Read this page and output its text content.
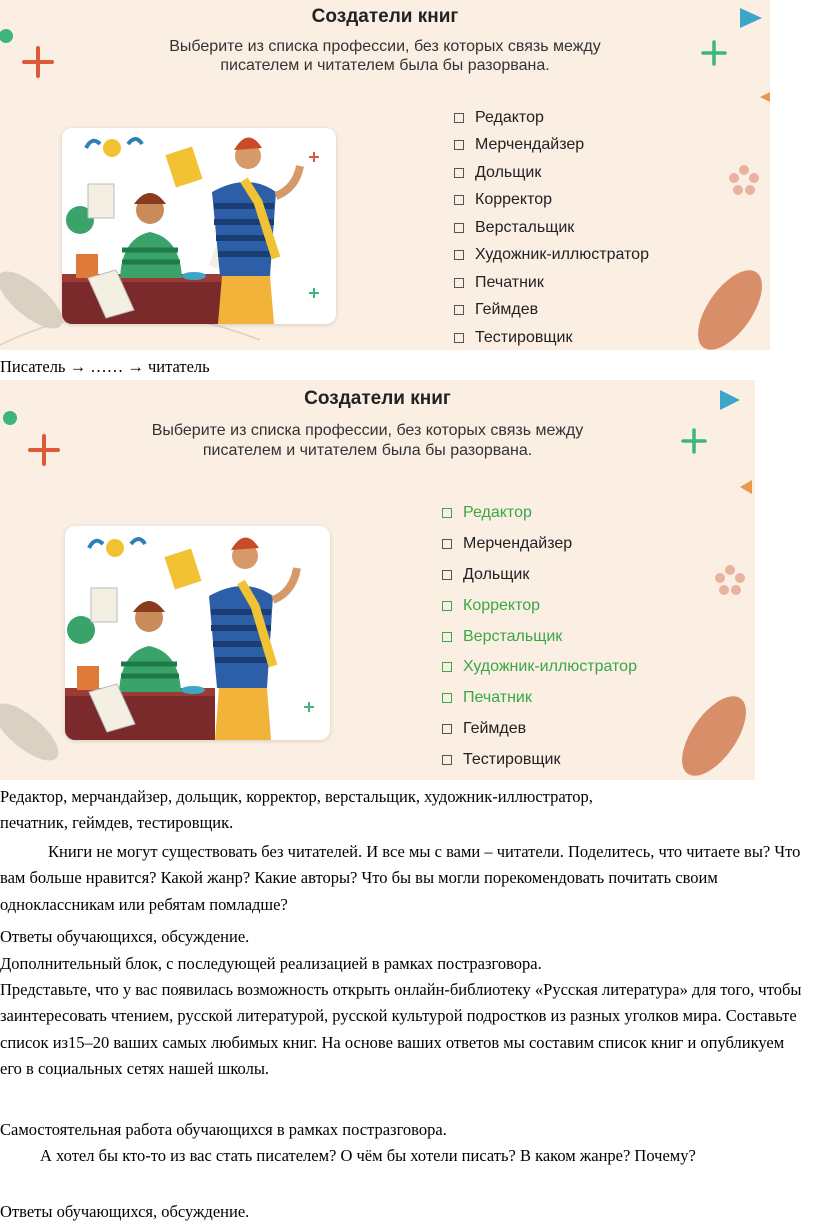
Создатели книг
Выберите из списка профессии, без которых связь между
писателем и читателем была бы разорвана.
Редактор
Мерчендайзер
Дольщик
Корректор
Верстальщик
Художник-иллюстратор
Печатник
Геймдев
Тестировщик
Писатель → …… → читатель
Создатели книг
Выберите из списка профессии, без которых связь между
писателем и читателем была бы разорвана.
Редактор
Мерчендайзер
Дольщик
Корректор
Верстальщик
Художник-иллюстратор
Печатник
Геймдев
Тестировщик
Редактор, мерчандайзер, дольщик, корректор, верстальщик, художник-иллюстратор,
печатник, геймдев, тестировщик.

Книги не могут существовать без читателей. И все мы с вами – читатели. Поделитесь, что читаете вы? Что вам больше нравится? Какой жанр? Какие авторы? Что бы вы могли порекомендовать почитать своим одноклассникам или ребятам помладше?

Ответы обучающихся, обсуждение.

Дополнительный блок, с последующей реализацией в рамках постразговора.

Представьте, что у вас появилась возможность открыть онлайн-библиотеку «Русская литература» для того, чтобы заинтересовать чтением, русской литературой, русской культурой подростков из разных уголков мира. Составьте список из15–20 ваших самых любимых книг. На основе ваших ответов мы составим список книг и опубликуем его в социальных сетях нашей школы.

Самостоятельная работа обучающихся в рамках постразговора.

А хотел бы кто-то из вас стать писателем? О чём бы хотели писать? В каком жанре? Почему?

Ответы обучающихся, обсуждение.
